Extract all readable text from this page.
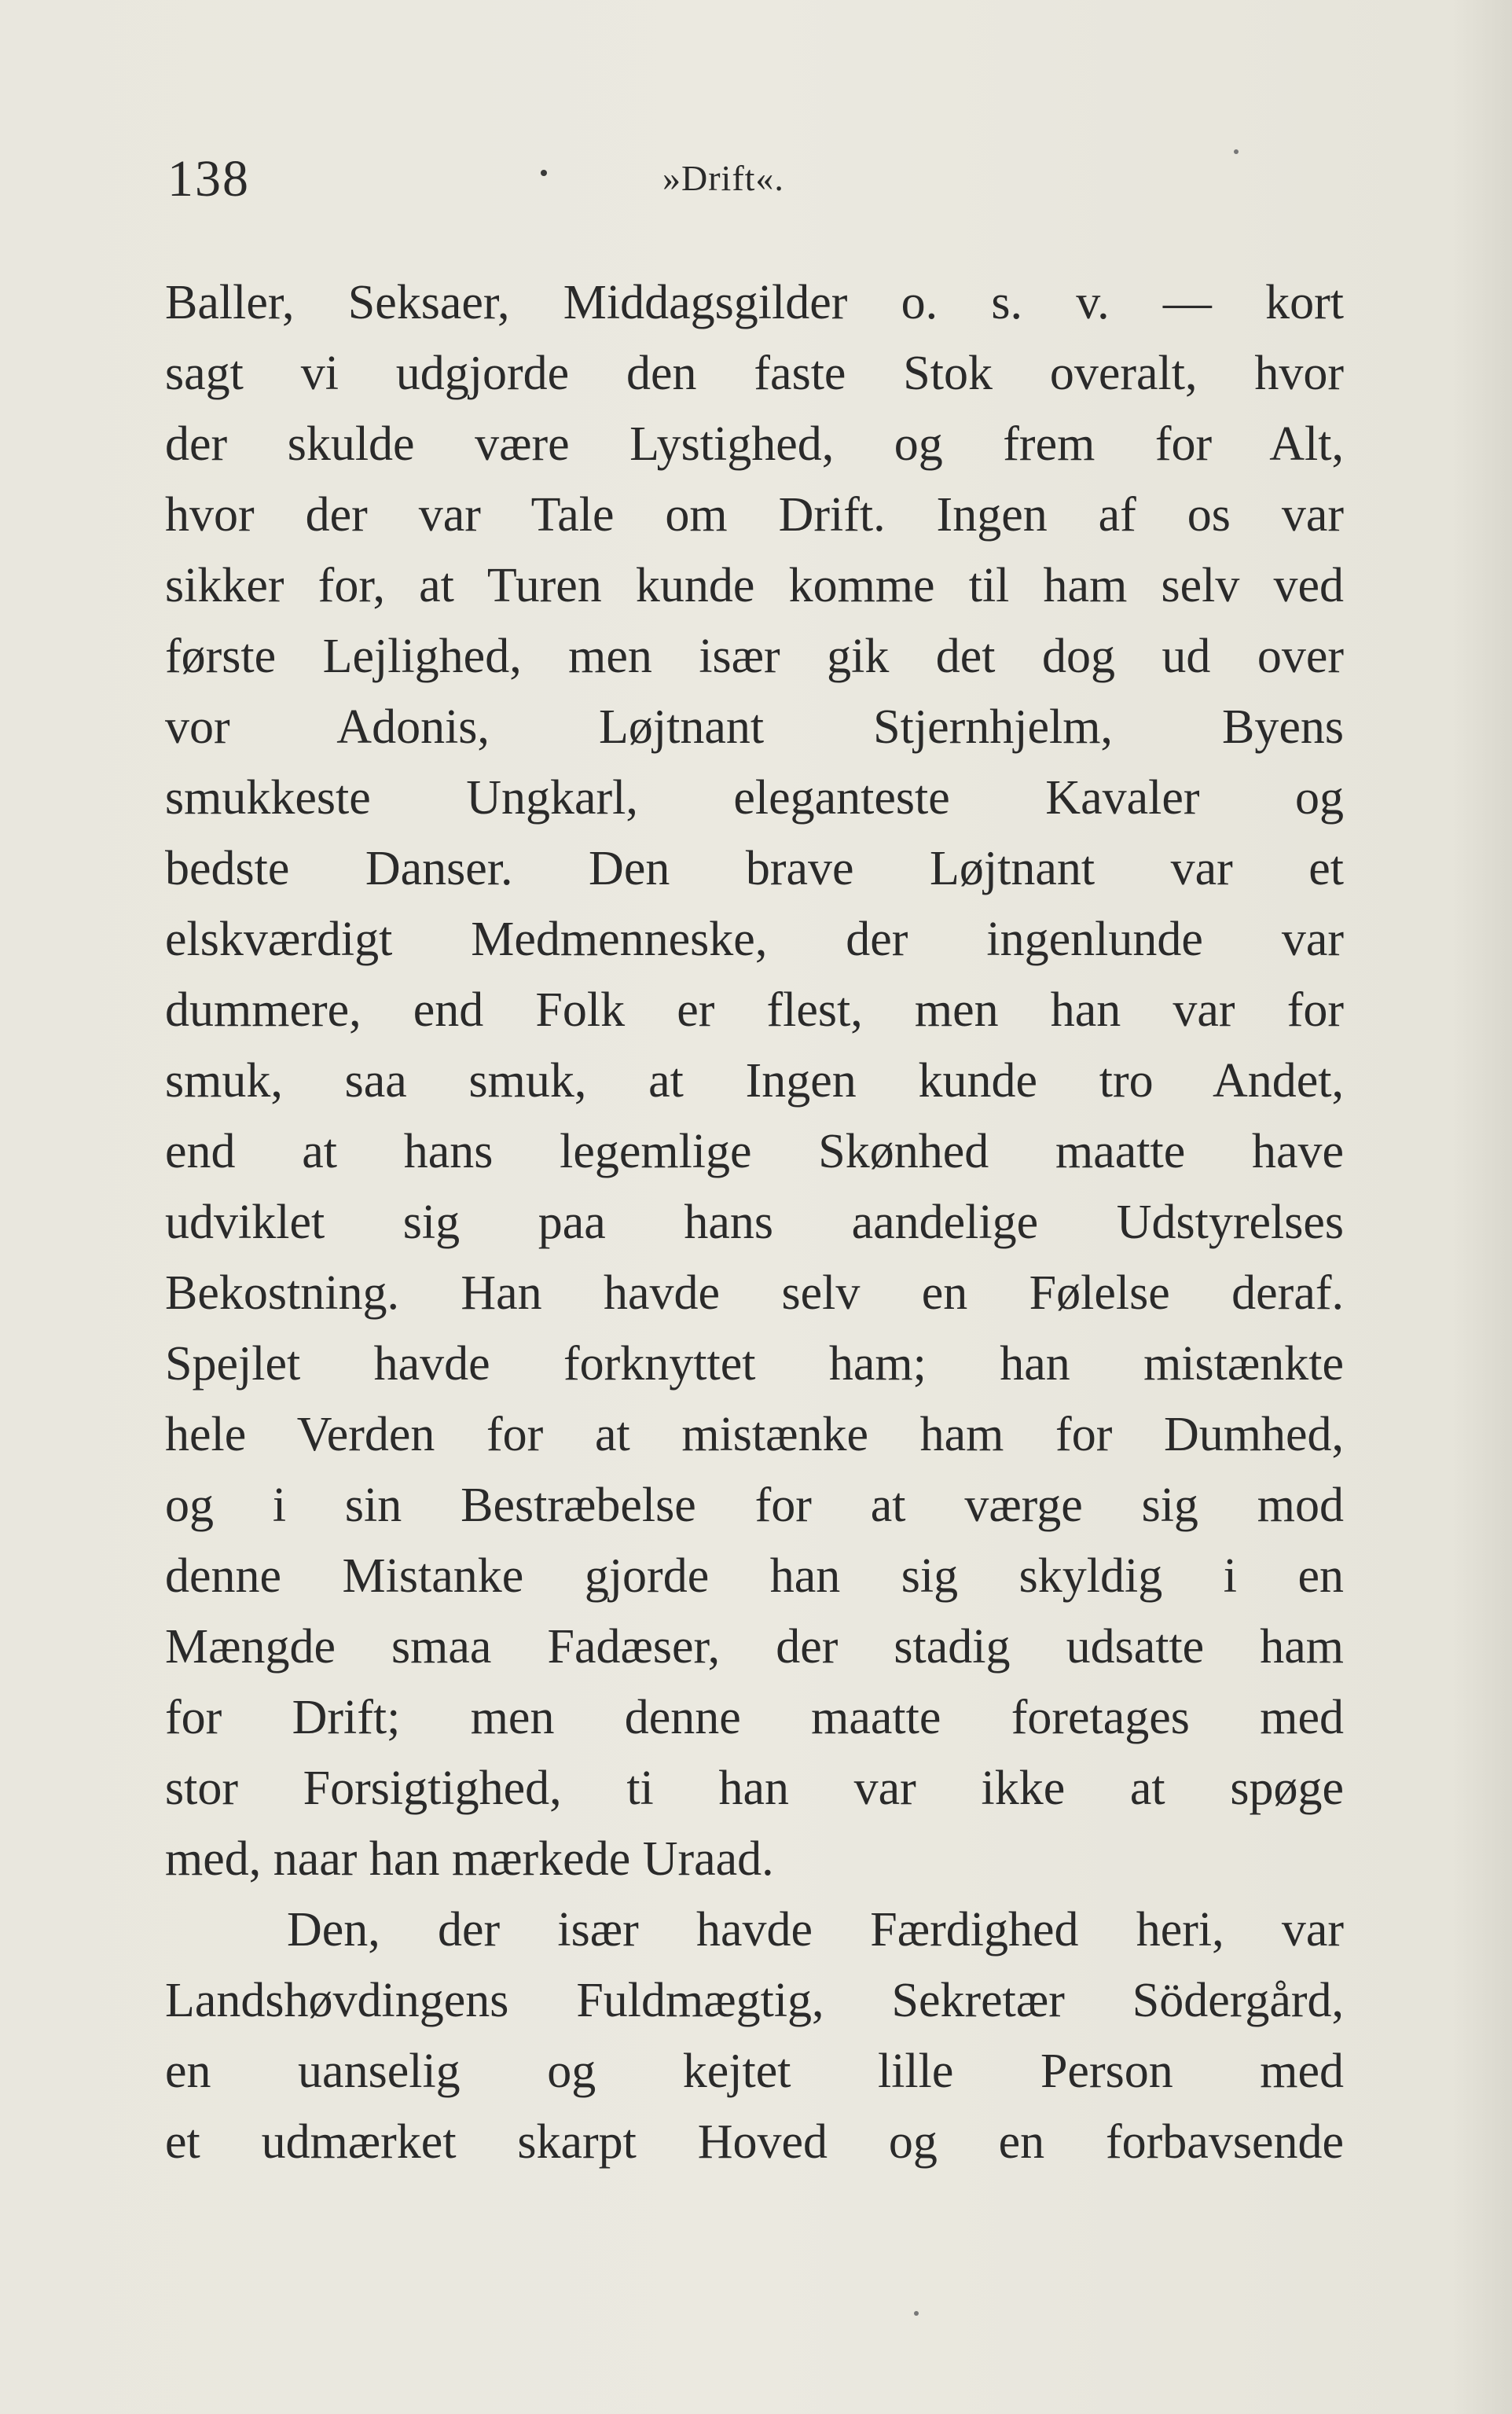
138	»Drift«.
Baller, Seksaer, Middagsgilder o. s. v. — kort
sagt vi udgjorde den faste Stok overalt, hvor
der skulde være Lystighed, og frem for Alt,
hvor der var Tale om Drift. Ingen af os var
sikker for, at Turen kunde komme til ham selv ved
første Lejlighed, men især gik det dog ud over
vor Adonis, Løjtnant Stjernhjelm, Byens
smukkeste Ungkarl, eleganteste Kavaler og
bedste Danser. Den brave Løjtnant var et
elskværdigt Medmenneske, der ingenlunde var
dummere, end Folk er flest, men han var for
smuk, saa smuk, at Ingen kunde tro Andet,
end at hans legemlige Skønhed maatte have
udviklet sig paa hans aandelige Udstyrelses
Bekostning. Han havde selv en Følelse deraf.
Spejlet havde forknyttet ham; han mistænkte
hele Verden for at mistænke ham for Dumhed,
og i sin Bestræbelse for at værge sig mod
denne Mistanke gjorde han sig skyldig i en
Mængde smaa Fadæser, der stadig udsatte ham
for Drift; men denne maatte foretages med
stor Forsigtighed, ti han var ikke at spøge
med, naar han mærkede Uraad.
Den, der især havde Færdighed heri, var
Landshøvdingens Fuldmægtig, Sekretær Södergård,
en uanselig og kejtet lille Person med
et udmærket skarpt Hoved og en forbavsende
